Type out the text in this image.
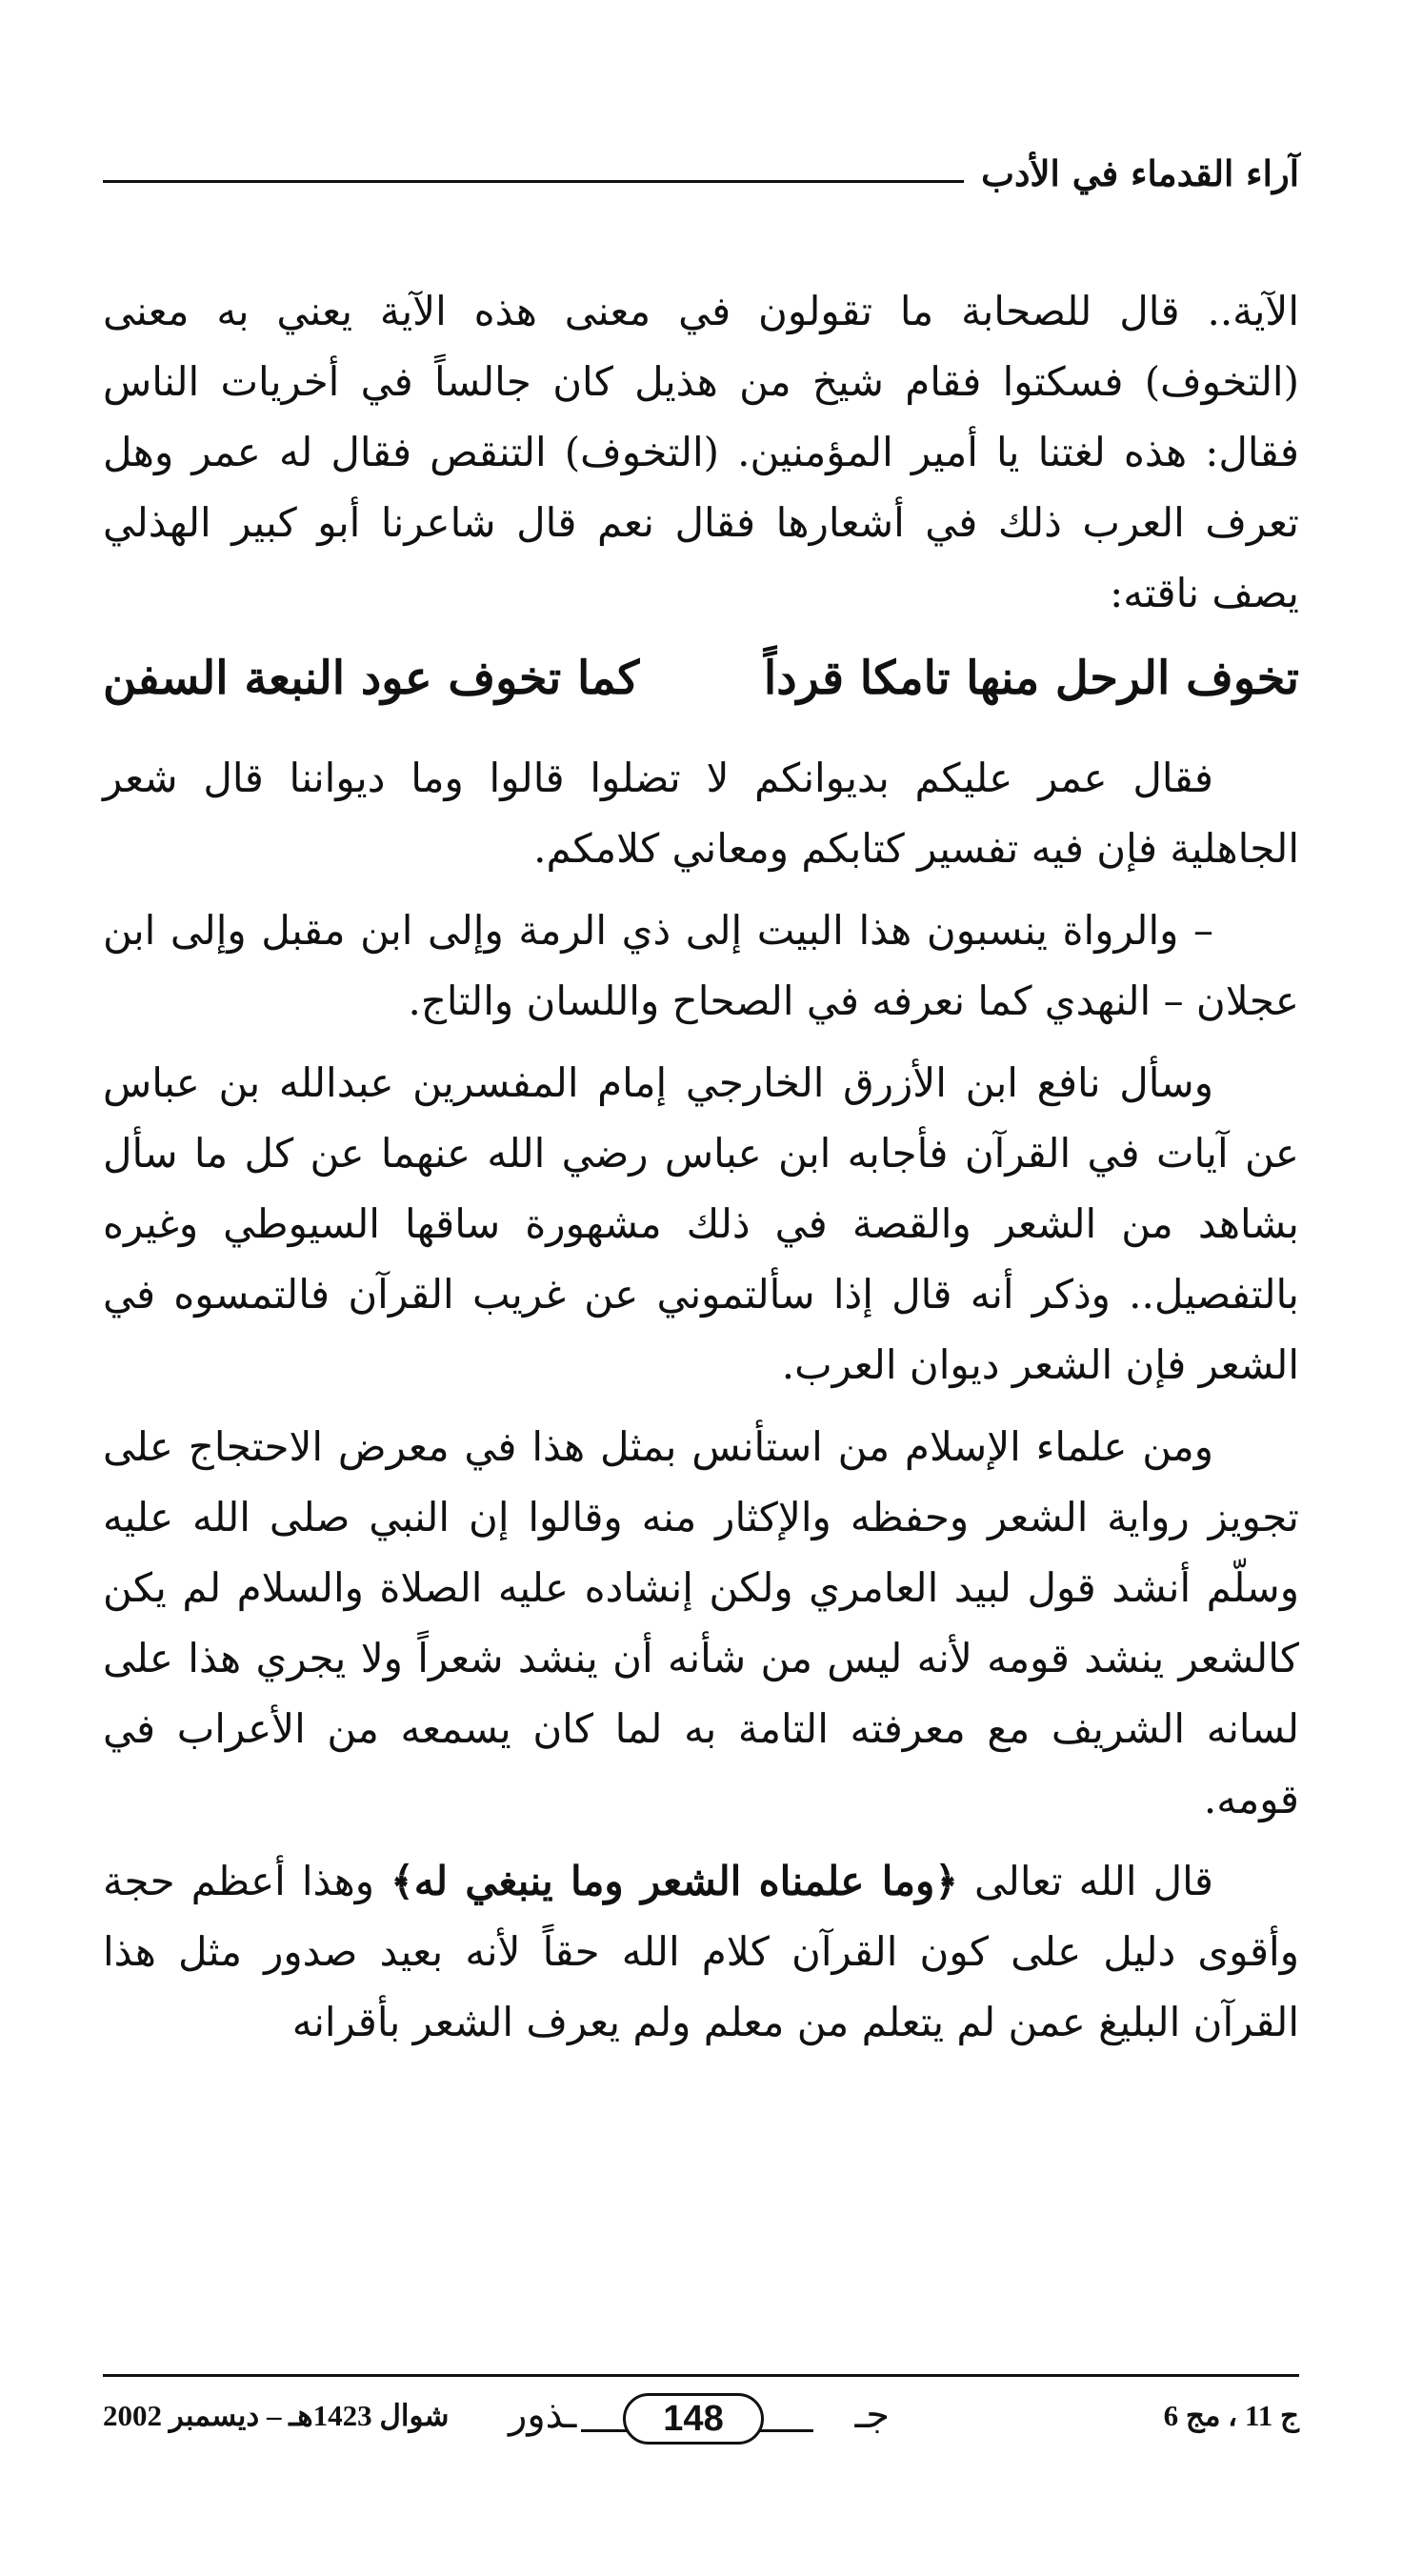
آراء القدماء في الأدب

الآية.. قال للصحابة ما تقولون في معنى هذه الآية يعني به معنى (التخوف) فسكتوا فقام شيخ من هذيل كان جالساً في أخريات الناس فقال: هذه لغتنا يا أمير المؤمنين. (التخوف) التنقص فقال له عمر وهل تعرف العرب ذلك في أشعارها فقال نعم قال شاعرنا أبو كبير الهذلي يصف ناقته:

تخوف الرحل منها تامكا قرداً
كما تخوف عود النبعة السفن

فقال عمر عليكم بديوانكم لا تضلوا قالوا وما ديواننا قال شعر الجاهلية فإن فيه تفسير كتابكم ومعاني كلامكم.

– والرواة ينسبون هذا البيت إلى ذي الرمة وإلى ابن مقبل وإلى ابن عجلان – النهدي كما نعرفه في الصحاح واللسان والتاج.

وسأل نافع ابن الأزرق الخارجي إمام المفسرين عبدالله بن عباس عن آيات في القرآن فأجابه ابن عباس رضي الله عنهما عن كل ما سأل بشاهد من الشعر والقصة في ذلك مشهورة ساقها السيوطي وغيره بالتفصيل.. وذكر أنه قال إذا سألتموني عن غريب القرآن فالتمسوه في الشعر فإن الشعر ديوان العرب.

ومن علماء الإسلام من استأنس بمثل هذا في معرض الاحتجاج على تجويز رواية الشعر وحفظه والإكثار منه وقالوا إن النبي صلى الله عليه وسلّم أنشد قول لبيد العامري ولكن إنشاده عليه الصلاة والسلام لم يكن كالشعر ينشد قومه لأنه ليس من شأنه أن ينشد شعراً ولا يجري هذا على لسانه الشريف مع معرفته التامة به لما كان يسمعه من الأعراب في قومه.

قال الله تعالى ﴿وما علمناه الشعر وما ينبغي له﴾ وهذا أعظم حجة وأقوى دليل على كون القرآن كلام الله حقاً لأنه بعيد صدور مثل هذا القرآن البليغ عمن لم يتعلم من معلم ولم يعرف الشعر بأقرانه

ج 11 ، مج 6
ـذور	148	جـ
شوال 1423هـ – ديسمبر 2002
